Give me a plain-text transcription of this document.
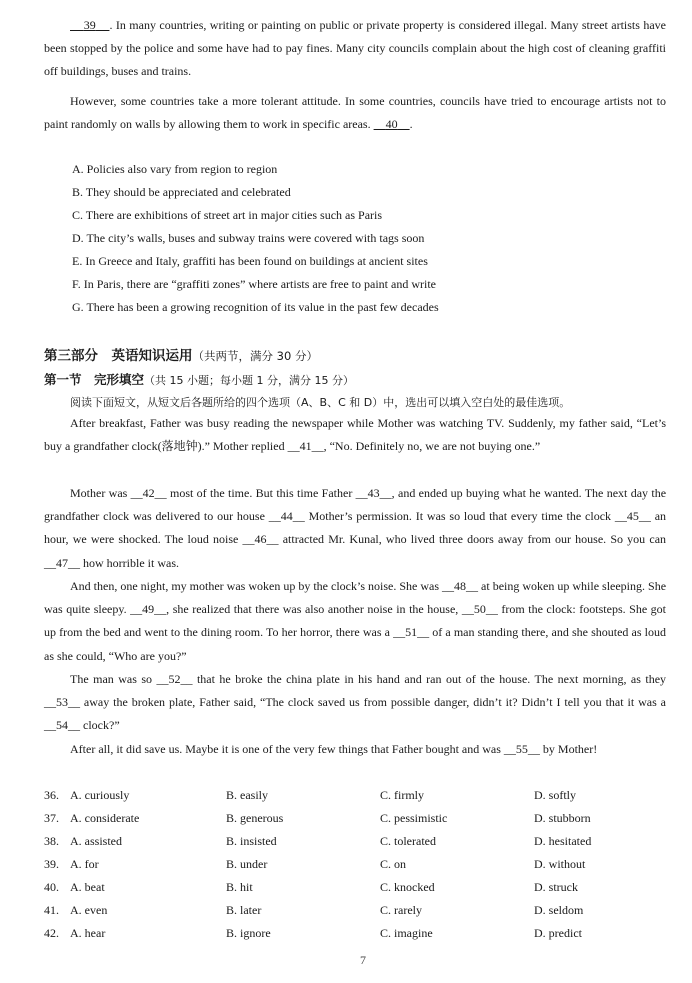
39 . In many countries, writing or painting on public or private property is considered illegal. Many street artists have been stopped by the police and some have had to pay fines. Many city councils complain about the high cost of cleaning graffiti off buildings, buses and trains.
However, some countries take a more tolerant attitude. In some countries, councils have tried to encourage artists not to paint randomly on walls by allowing them to work in specific areas. 40 .
A. Policies also vary from region to region
B. They should be appreciated and celebrated
C. There are exhibitions of street art in major cities such as Paris
D. The city’s walls, buses and subway trains were covered with tags soon
E. In Greece and Italy, graffiti has been found on buildings at ancient sites
F. In Paris, there are “graffiti zones” where artists are free to paint and write
G. There has been a growing recognition of its value in the past few decades
第三部分　英语知识运用（共两节，满分 30 分）
第一节　完形填空（共 15 小题；每小题 1 分，满分 15 分）
阅读下面短文，从短文后各题所给的四个选项（A、B、C 和 D）中，选出可以填入空白处的最佳选项。
After breakfast, Father was busy reading the newspaper while Mother was watching TV. Suddenly, my father said, “Let’s buy a grandfather clock(落地钟).” Mother replied __41__, “No. Definitely no, we are not buying one.”
Mother was __42__ most of the time. But this time Father __43__, and ended up buying what he wanted. The next day the grandfather clock was delivered to our house __44__ Mother’s permission. It was so loud that every time the clock __45__ an hour, we were shocked. The loud noise __46__ attracted Mr. Kunal, who lived three doors away from our house. So you can __47__ how horrible it was.
And then, one night, my mother was woken up by the clock’s noise. She was __48__ at being woken up while sleeping. She was quite sleepy. __49__, she realized that there was also another noise in the house, __50__ from the clock: footsteps. She got up from the bed and went to the dining room. To her horror, there was a __51__ of a man standing there, and she shouted as loud as she could, “Who are you?”
The man was so __52__ that he broke the china plate in his hand and ran out of the house. The next morning, as they __53__ away the broken plate, Father said, “The clock saved us from possible danger, didn’t it? Didn’t I tell you that it was a __54__ clock?”
After all, it did save us. Maybe it is one of the very few things that Father bought and was __55__ by Mother!
36. A. curiously	B. easily	C. firmly	D. softly
37. A. considerate	B. generous	C. pessimistic	D. stubborn
38. A. assisted	B. insisted	C. tolerated	D. hesitated
39. A. for	B. under	C. on	D. without
40. A. beat	B. hit	C. knocked	D. struck
41. A. even	B. later	C. rarely	D. seldom
42. A. hear	B. ignore	C. imagine	D. predict
7
